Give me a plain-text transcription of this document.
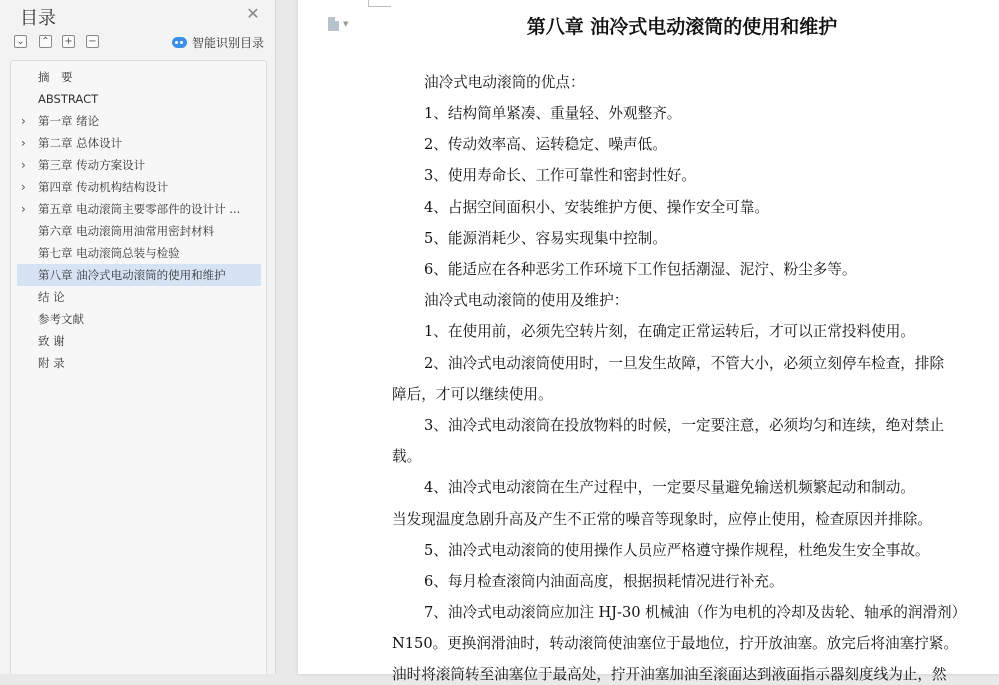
目录	✕
⌄ ⌃ + −	智能识别目录
摘　要
ABSTRACT
›	第一章 绪论
›	第二章 总体设计
›	第三章 传动方案设计
›	第四章 传动机构结构设计
›	第五章 电动滚筒主要零部件的设计计 ...
第六章 电动滚筒用油常用密封材料
第七章 电动滚筒总装与检验
第八章 油冷式电动滚筒的使用和维护
结 论
参考文献
致 谢
附 录
▼	第八章 油冷式电动滚筒的使用和维护
油冷式电动滚筒的优点：
1、结构简单紧凑、重量轻、外观整齐。
2、传动效率高、运转稳定、噪声低。
3、使用寿命长、工作可靠性和密封性好。
4、占据空间面积小、安装维护方便、操作安全可靠。
5、能源消耗少、容易实现集中控制。
6、能适应在各种恶劣工作环境下工作包括潮湿、泥泞、粉尘多等。
油冷式电动滚筒的使用及维护：
1、在使用前，必须先空转片刻，在确定正常运转后，才可以正常投料使用。
2、油冷式电动滚筒使用时，一旦发生故障，不管大小，必须立刻停车检查，排除
障后，才可以继续使用。
3、油冷式电动滚筒在投放物料的时候，一定要注意，必须均匀和连续，绝对禁止
载。
4、油冷式电动滚筒在生产过程中，一定要尽量避免输送机频繁起动和制动。
当发现温度急剧升高及产生不正常的噪音等现象时，应停止使用，检查原因并排除。
5、油冷式电动滚筒的使用操作人员应严格遵守操作规程，杜绝发生安全事故。
6、每月检查滚筒内油面高度，根据损耗情况进行补充。
7、油冷式电动滚筒应加注 HJ-30 机械油（作为电机的冷却及齿轮、轴承的润滑剂）
N150。更换润滑油时，转动滚筒使油塞位于最地位，拧开放油塞。放完后将油塞拧紧。
油时将滚筒转至油塞位于最高处，拧开油塞加油至滚面达到液面指示器刻度线为止，然
